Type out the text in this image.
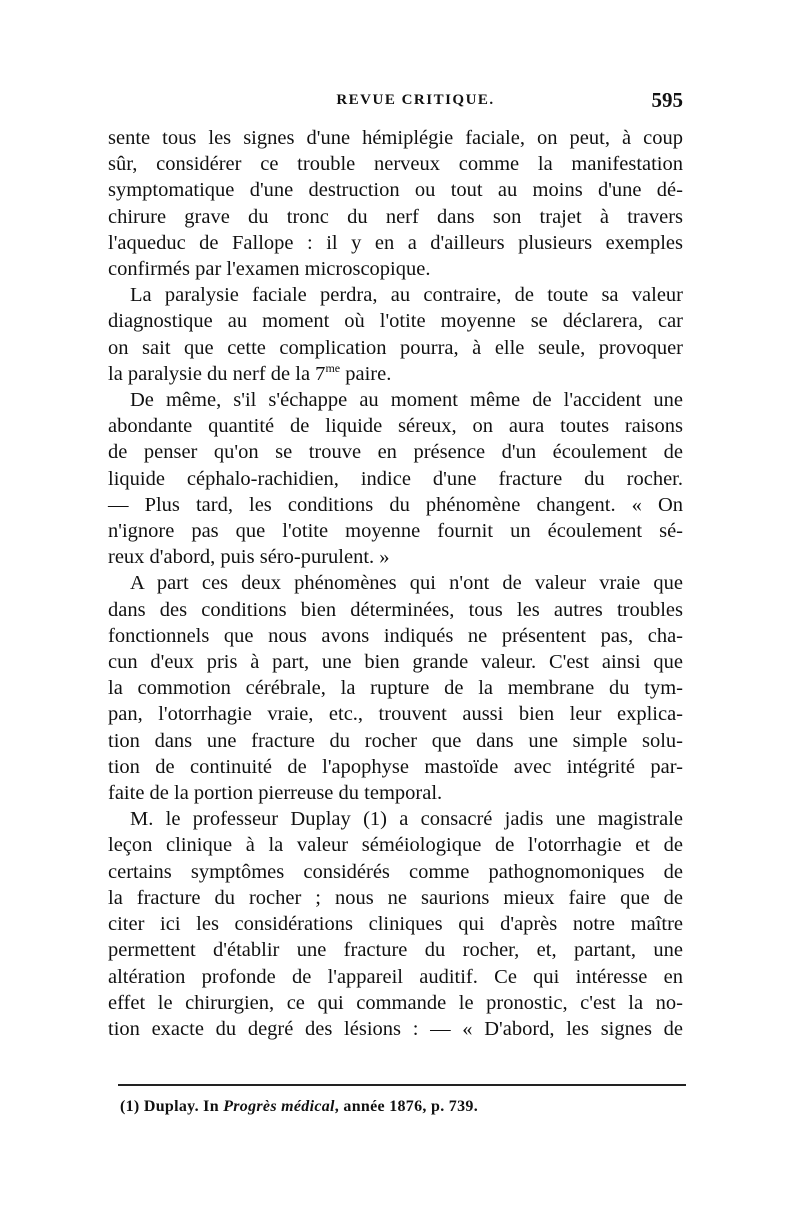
REVUE CRITIQUE.	595

sente tous les signes d'une hémiplégie faciale, on peut, à coup
sûr, considérer ce trouble nerveux comme la manifestation
symptomatique d'une destruction ou tout au moins d'une dé-
chirure grave du tronc du nerf dans son trajet à travers
l'aqueduc de Fallope : il y en a d'ailleurs plusieurs exemples
confirmés par l'examen microscopique.

La paralysie faciale perdra, au contraire, de toute sa valeur
diagnostique au moment où l'otite moyenne se déclarera, car
on sait que cette complication pourra, à elle seule, provoquer
la paralysie du nerf de la $7^{me}$ paire.

De même, s'il s'échappe au moment même de l'accident une
abondante quantité de liquide séreux, on aura toutes raisons
de penser qu'on se trouve en présence d'un écoulement de
liquide céphalo-rachidien, indice d'une fracture du rocher.
— Plus tard, les conditions du phénomène changent. « On
n'ignore pas que l'otite moyenne fournit un écoulement sé-
reux d'abord, puis séro-purulent. »

A part ces deux phénomènes qui n'ont de valeur vraie que
dans des conditions bien déterminées, tous les autres troubles
fonctionnels que nous avons indiqués ne présentent pas, cha-
cun d'eux pris à part, une bien grande valeur. C'est ainsi que
la commotion cérébrale, la rupture de la membrane du tym-
pan, l'otorrhagie vraie, etc., trouvent aussi bien leur explica-
tion dans une fracture du rocher que dans une simple solu-
tion de continuité de l'apophyse mastoïde avec intégrité par-
faite de la portion pierreuse du temporal.

M. le professeur Duplay (1) a consacré jadis une magistrale
leçon clinique à la valeur séméiologique de l'otorrhagie et de
certains symptômes considérés comme pathognomoniques de
la fracture du rocher ; nous ne saurions mieux faire que de
citer ici les considérations cliniques qui d'après notre maître
permettent d'établir une fracture du rocher, et, partant, une
altération profonde de l'appareil auditif. Ce qui intéresse en
effet le chirurgien, ce qui commande le pronostic, c'est la no-
tion exacte du degré des lésions : — « D'abord, les signes de

(1) Duplay. In Progrès médical, année 1876, p. 739.
